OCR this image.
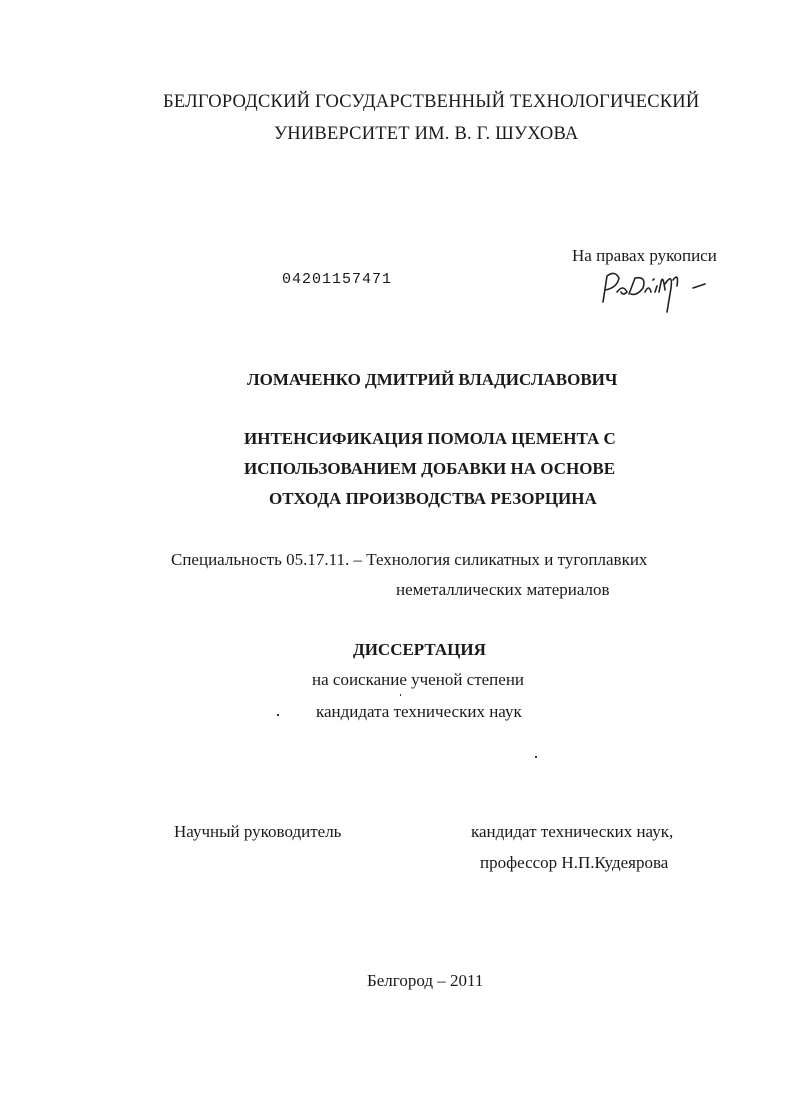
БЕЛГОРОДСКИЙ ГОСУДАРСТВЕННЫЙ ТЕХНОЛОГИЧЕСКИЙ
УНИВЕРСИТЕТ ИМ. В. Г. ШУХОВА
04201157471
На правах рукописи
ЛОМАЧЕНКО ДМИТРИЙ ВЛАДИСЛАВОВИЧ
ИНТЕНСИФИКАЦИЯ ПОМОЛА ЦЕМЕНТА С
ИСПОЛЬЗОВАНИЕМ ДОБАВКИ НА ОСНОВЕ
ОТХОДА ПРОИЗВОДСТВА РЕЗОРЦИНА
Специальность 05.17.11. – Технология силикатных и тугоплавких
неметаллических материалов
ДИССЕРТАЦИЯ
на соискание ученой степени
кандидата технических наук
Научный руководитель	кандидат технических наук,
профессор Н.П.Кудеярова
Белгород – 2011
